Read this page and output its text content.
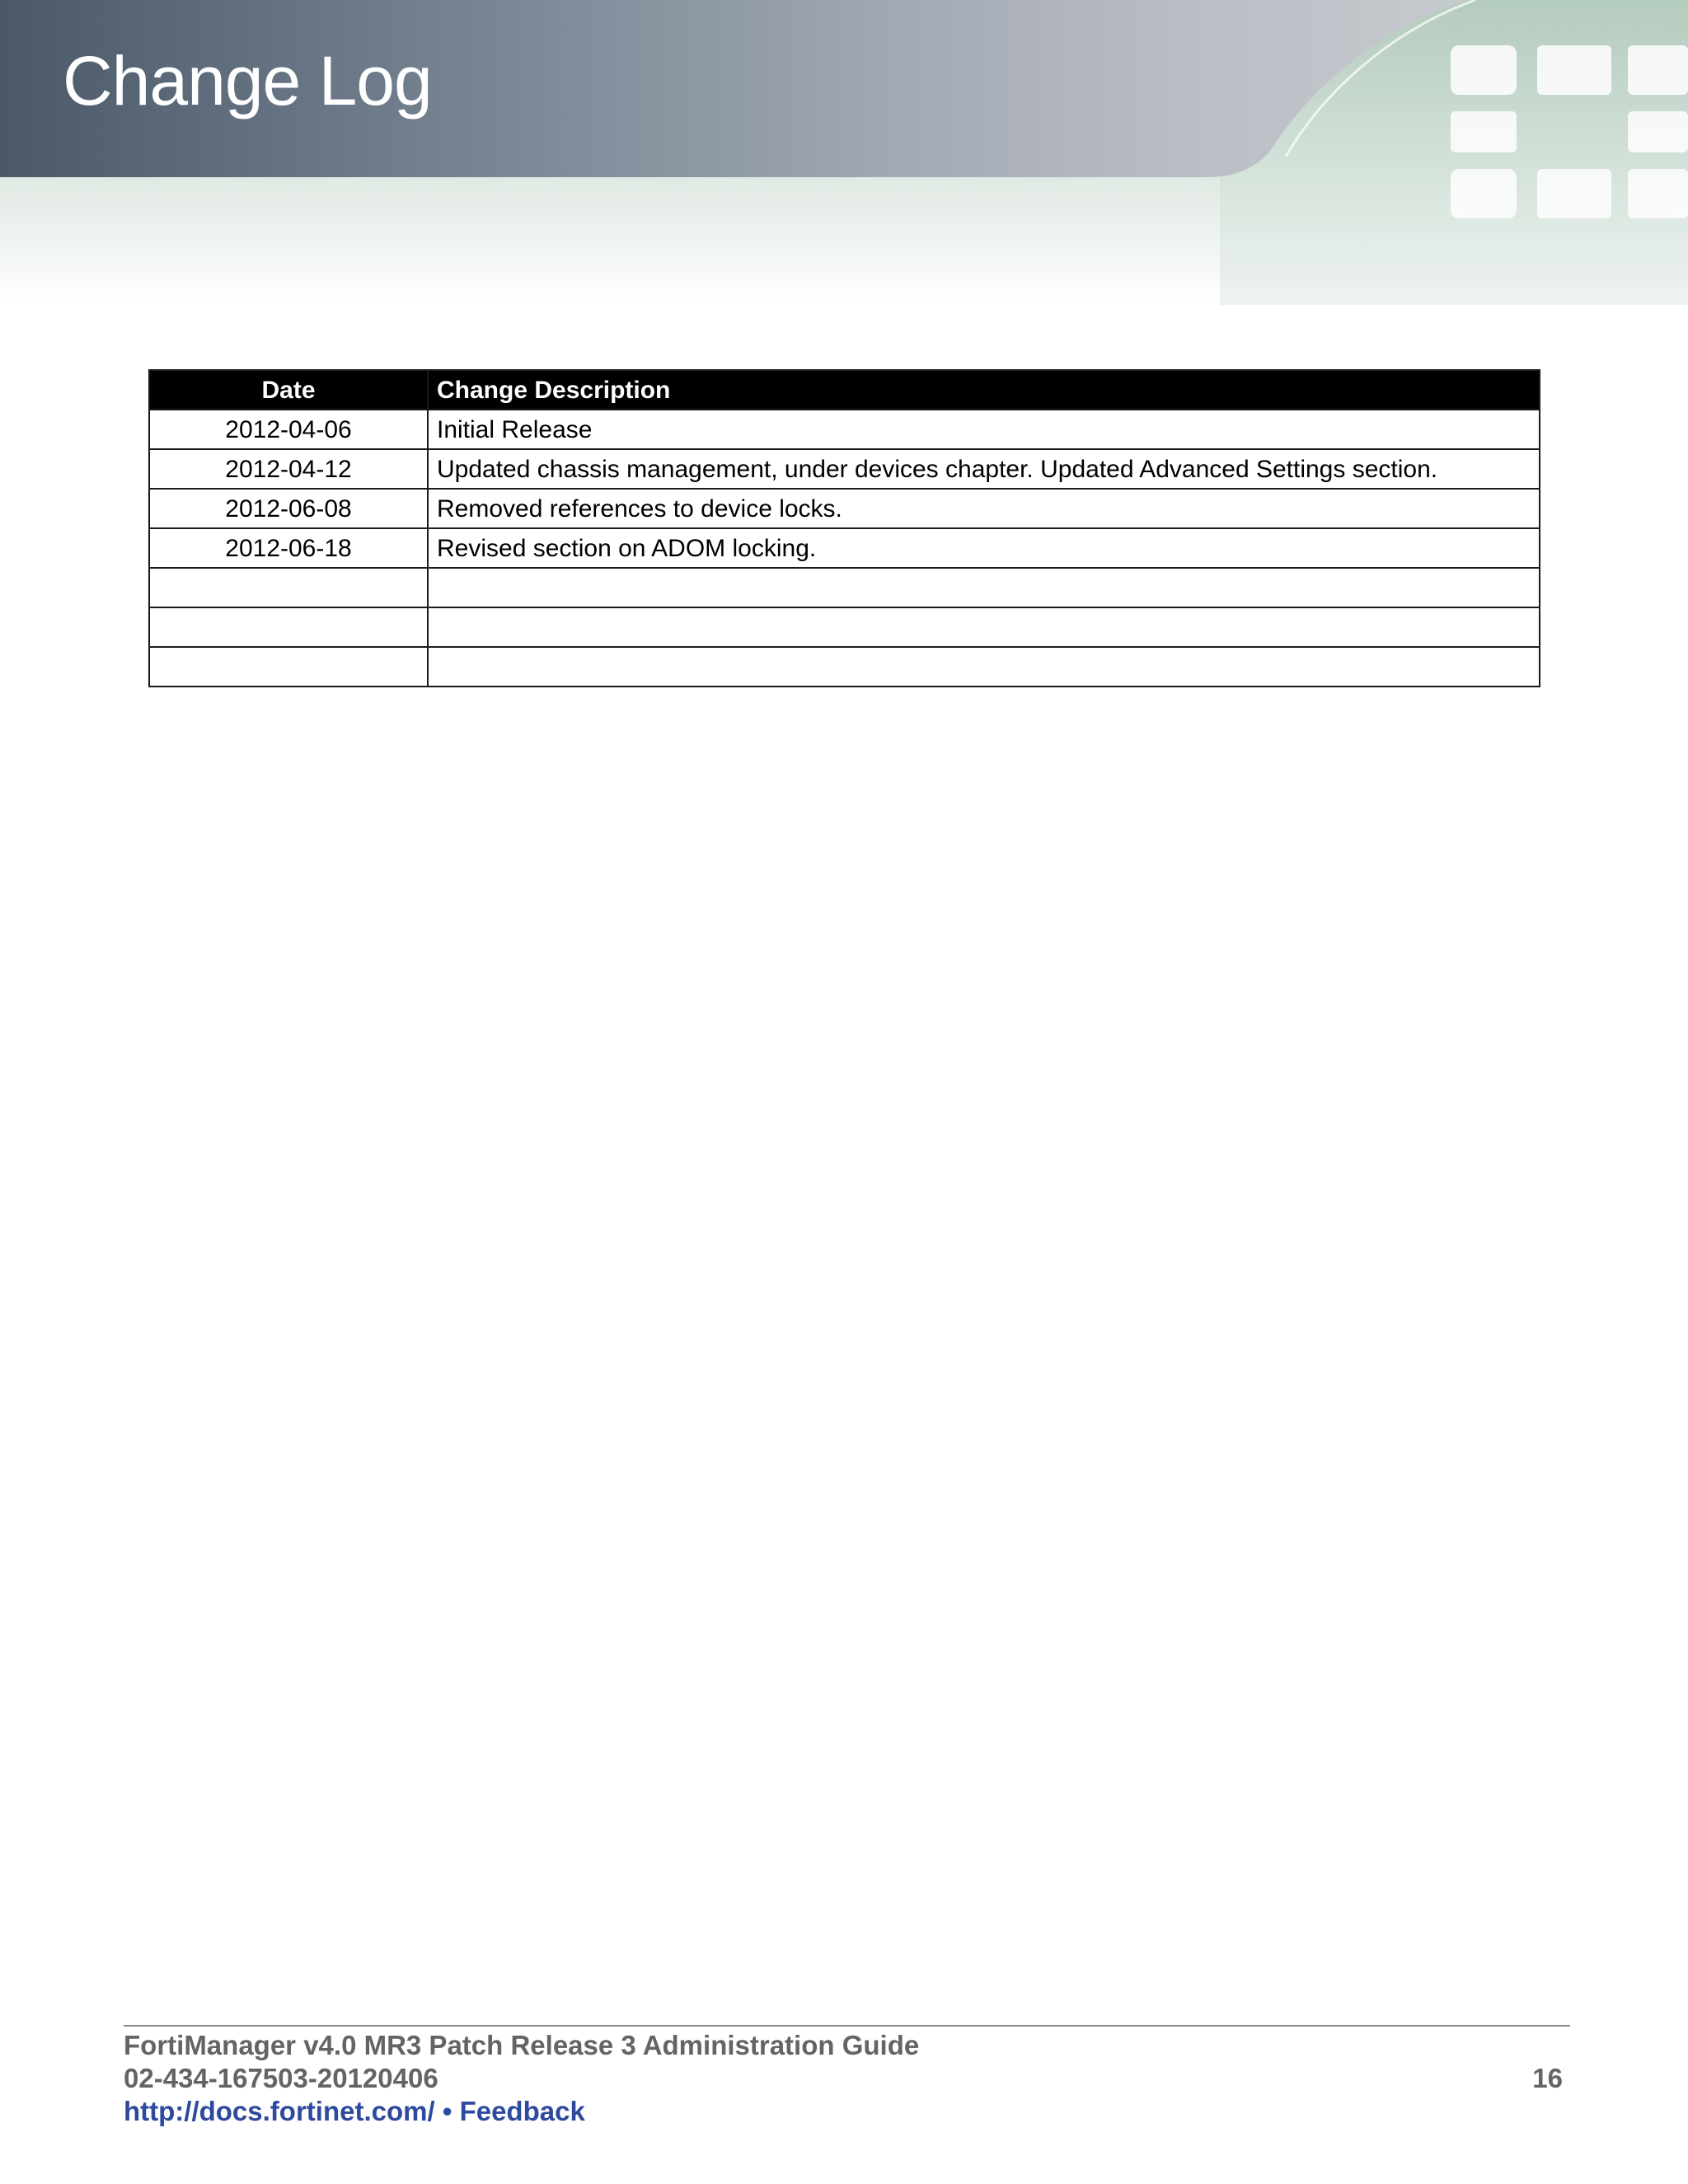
Change Log
Date	Change Description
2012-04-06	Initial Release
2012-04-12	Updated chassis management, under devices chapter. Updated Advanced Settings section.
2012-06-08	Removed references to device locks.
2012-06-18	Revised section on ADOM locking.

FortiManager v4.0 MR3 Patch Release 3 Administration Guide
02-434-167503-20120406
http://docs.fortinet.com/ • Feedback
16
